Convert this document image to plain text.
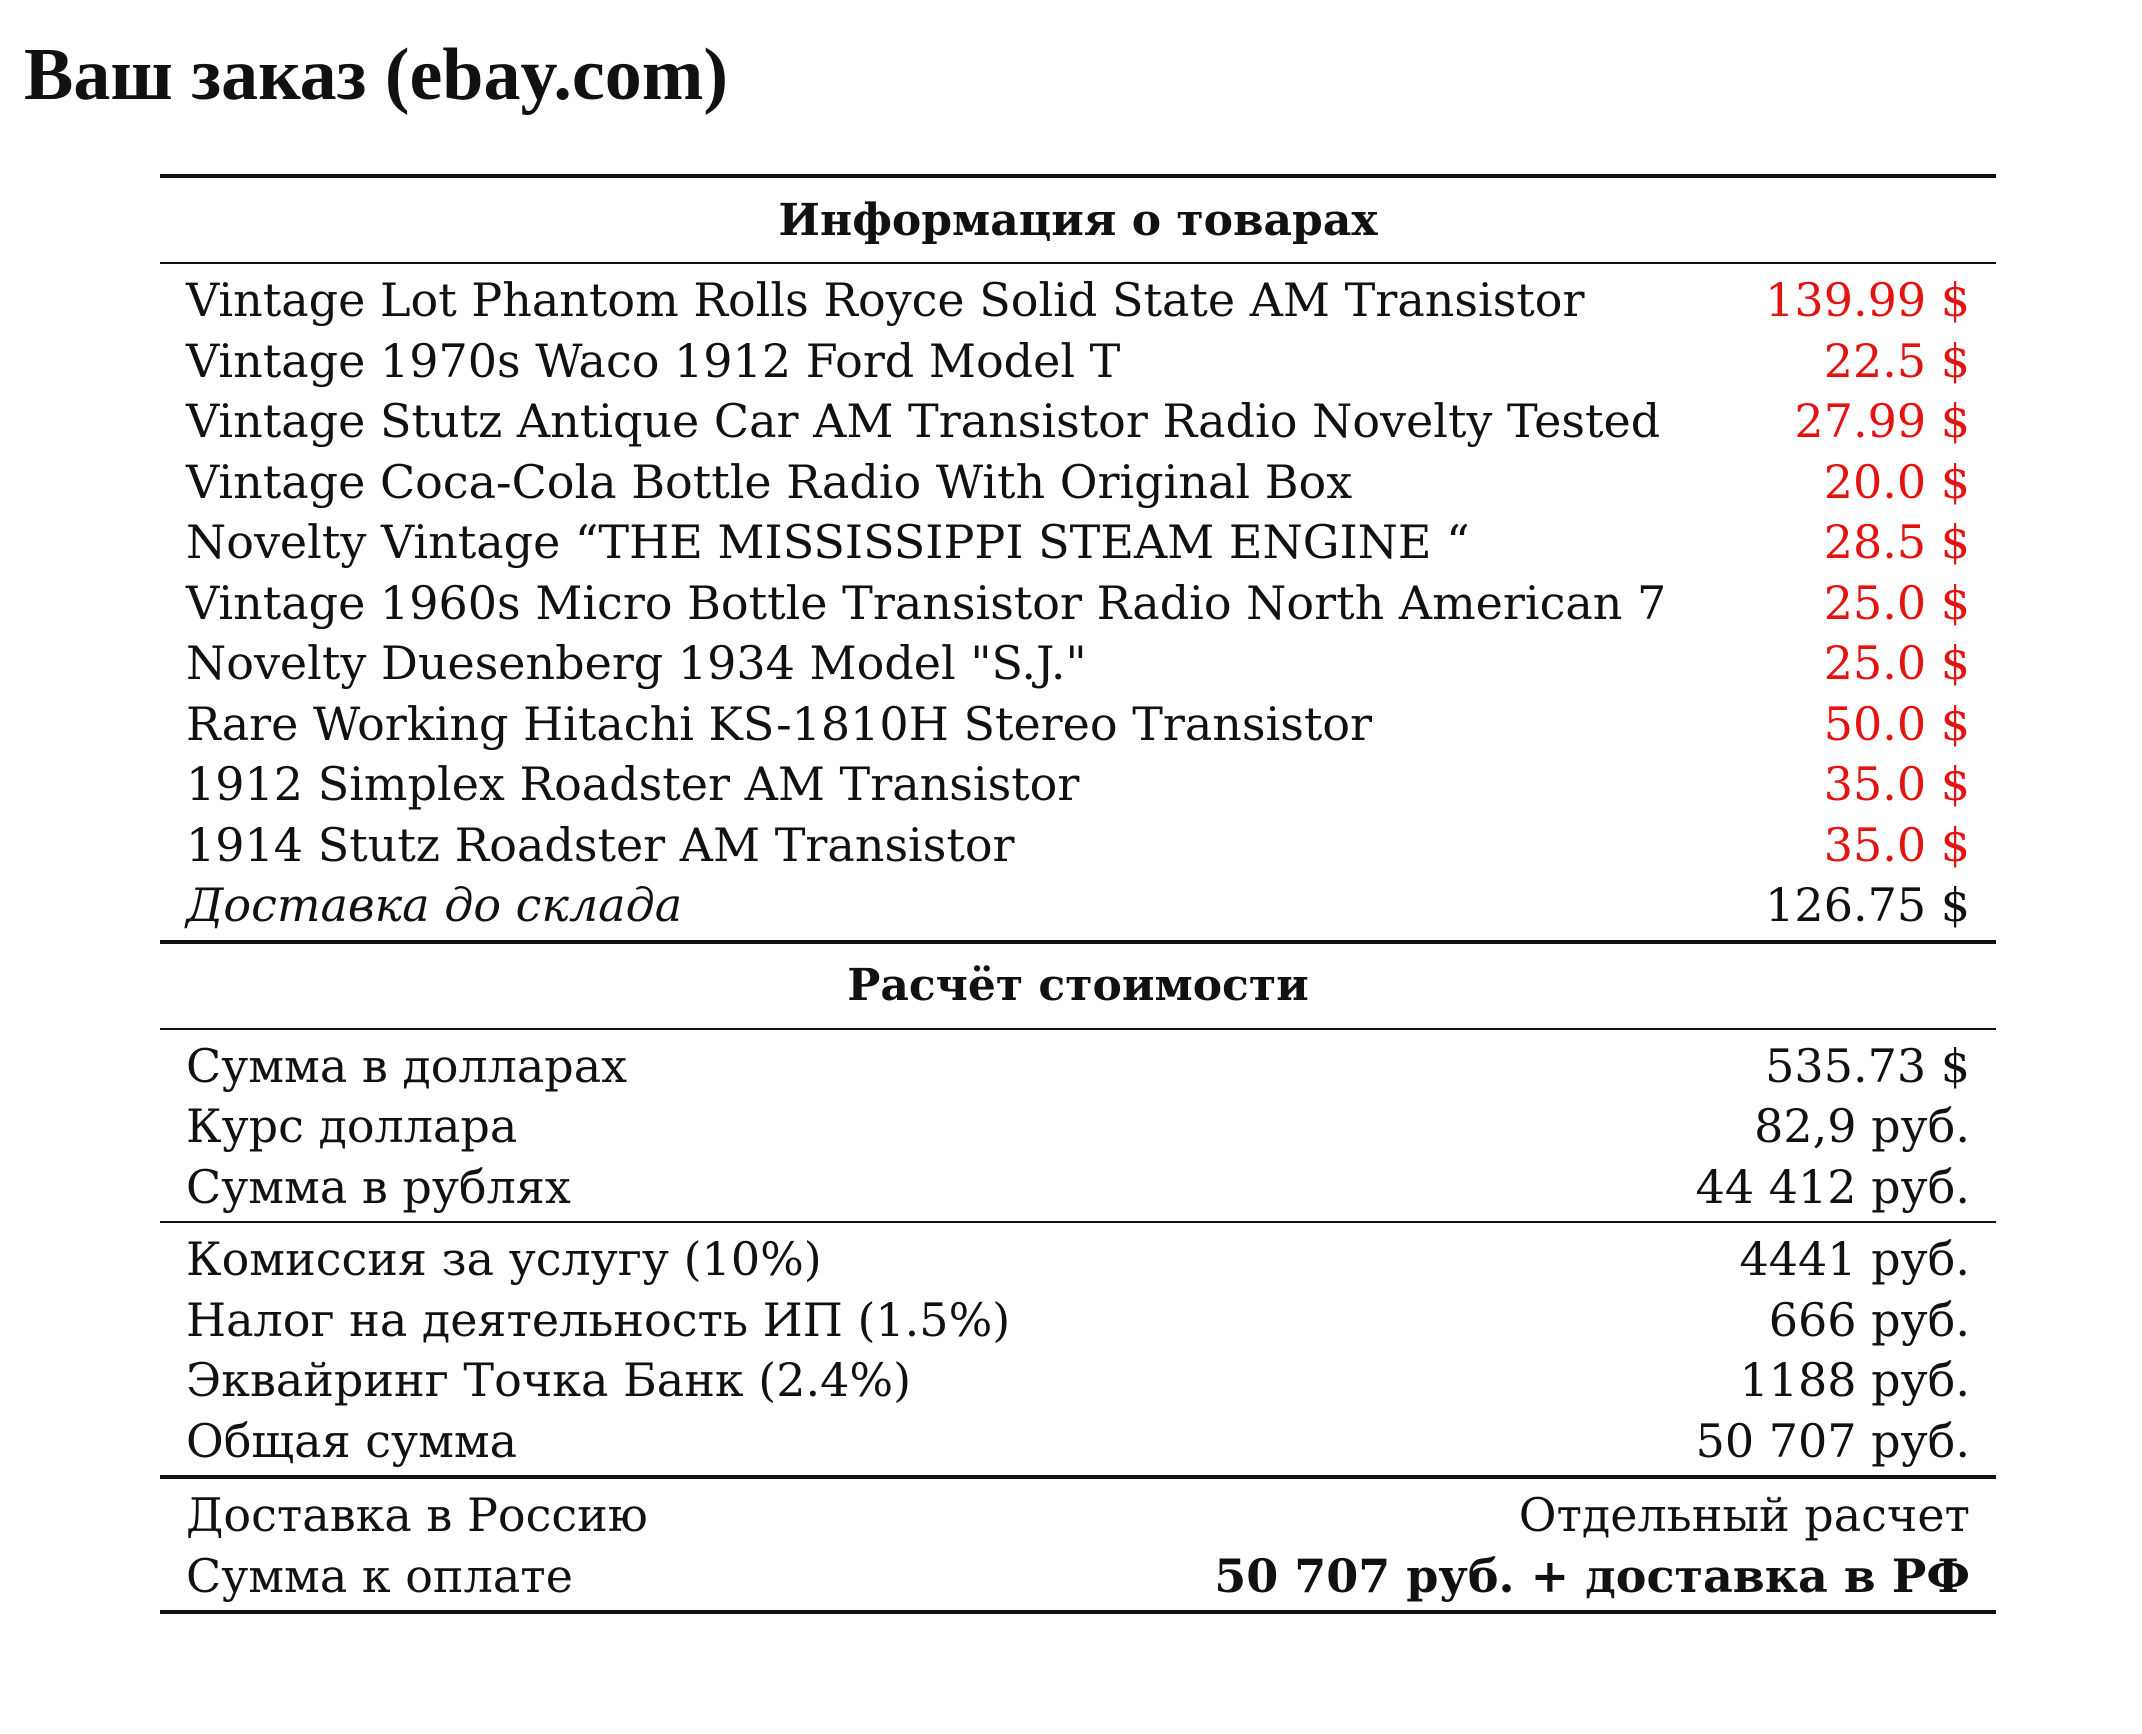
Ваш заказ (ebay.com)
Информация о товарах
Vintage Lot Phantom Rolls Royce Solid State AM Transistor	139.99 $
Vintage 1970s Waco 1912 Ford Model T	22.5 $
Vintage Stutz Antique Car AM Transistor Radio Novelty Tested	27.99 $
Vintage Coca-Cola Bottle Radio With Original Box	20.0 $
Novelty Vintage “THE MISSISSIPPI STEAM ENGINE “	28.5 $
Vintage 1960s Micro Bottle Transistor Radio North American 7	25.0 $
Novelty Duesenberg 1934 Model "S.J."	25.0 $
Rare Working Hitachi KS-1810H Stereo Transistor	50.0 $
1912 Simplex Roadster AM Transistor	35.0 $
1914 Stutz Roadster AM Transistor	35.0 $
Доставка до склада	126.75 $
Расчёт стоимости
Сумма в долларах	535.73 $
Курс доллара	82,9 руб.
Сумма в рублях	44 412 руб.
Комиссия за услугу (10%)	4441 руб.
Налог на деятельность ИП (1.5%)	666 руб.
Эквайринг Точка Банк (2.4%)	1188 руб.
Общая сумма	50 707 руб.
Доставка в Россию	Отдельный расчет
Сумма к оплате	50 707 руб. + доставка в РФ
